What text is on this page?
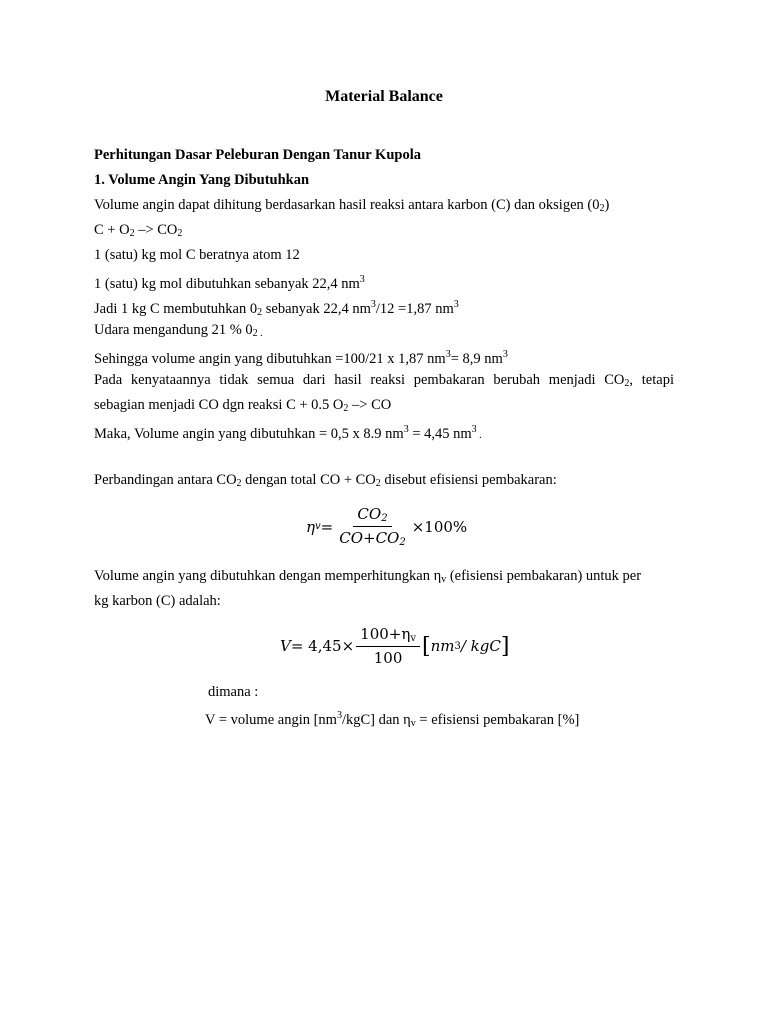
Material Balance
Perhitungan Dasar Peleburan Dengan Tanur Kupola
1. Volume Angin Yang Dibutuhkan
Volume angin dapat dihitung berdasarkan hasil reaksi antara karbon (C) dan oksigen $(0_2)$
$C + O_2 -> CO_2$
1 (satu) kg mol C beratnya atom 12
1 (satu) kg mol dibutuhkan sebanyak 22,4 $nm^3$
Jadi 1 kg C membutuhkan $0_2$ sebanyak 22,4 $nm^3/12 =1,87$ $nm^3$
Udara mengandung 21 % $0_{2 .}$
Sehingga volume angin yang dibutuhkan =100/21 x 1,87 $nm^3= 8,9$ $nm^3$
Pada kenyataannya tidak semua dari hasil reaksi pembakaran berubah menjadi $CO_2$, tetapi
sebagian menjadi CO dgn reaksi C + 0.5 $O_2$ –> CO
Maka, Volume angin yang dibutuhkan = 0,5 x 8.9 $nm^3 = 4,45$ $nm^3$ .
Perbandingan antara $CO_2$ dengan total CO + $CO_2$ disebut efisiensi pembakaran:
η $v = \frac{CO_2}{CO+CO_2} \times 100\%$
Volume angin yang dibutuhkan dengan memperhitungkan $\eta_v$ (efisiensi pembakaran) untuk per
kg karbon (C) adalah:
$V = 4,45\times \frac{100+\eta_v}{100}$ [ nm 3 / kgC ]
dimana :
V = volume angin $[nm^3/kgC]$ dan $\eta_v$ = efisiensi pembakaran [%]
